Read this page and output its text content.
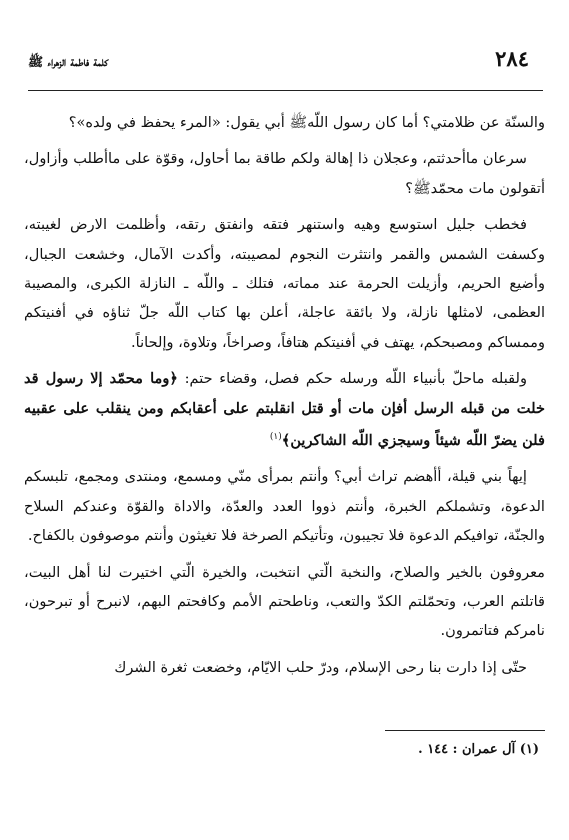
٢٨٤
كلمة فاطمة الزهراء ﷺ

والسنّة عن ظلامتي؟ أما كان رسول اللّهﷺ أبي يقول: «المرء يحفظ في ولده»؟

سرعان ماأحدثتم، وعجلان ذا إهالة ولكم طاقة بما أحاول، وقوّة على ماأطلب وأزاول، أتقولون مات محمّدﷺ؟

فخطب جليل استوسع وهيه واستنهر فتقه وانفتق رتقه، وأظلمت الارض لغيبته، وكسفت الشمس والقمر وانتثرت النجوم لمصيبته، وأكدت الآمال، وخشعت الجبال، وأضيع الحريم، وأزيلت الحرمة عند مماته، فتلك ـ واللّه ـ النازلة الكبرى، والمصيبة العظمى، لامثلها نازلة، ولا بائقة عاجلة، أعلن بها كتاب اللّه جلّ ثناؤه في أفنيتكم وممساكم ومصبحكم، يهتف في أفنيتكم هتافاً، وصراخاً، وتلاوة، وإلحاناً.

ولقبله ماحلّ بأنبياء اللّه ورسله حكم فصل، وقضاء حتم: ﴿وما محمّد إلا رسول قد خلت من قبله الرسل أفإن مات أو قتل انقلبتم على أعقابكم ومن ينقلب على عقبيه فلن يضرّ اللّه شيئاً وسيجزي اللّه الشاكرين﴾$^{(١)}$

إيهاً بني قيلة، أأهضم تراث أبي؟ وأنتم بمرأى منّي ومسمع، ومنتدى ومجمع، تلبسكم الدعوة، وتشملكم الخبرة، وأنتم ذووا العدد والعدّة، والاداة والقوّة وعندكم السلاح والجنّة، توافيكم الدعوة فلا تجيبون، وتأتيكم الصرخة فلا تغيثون وأنتم موصوفون بالكفاح.

معروفون بالخير والصلاح، والنخبة الّتي انتخبت، والخيرة الّتي اختيرت لنا أهل البيت، قاتلتم العرب، وتحمّلتم الكدّ والتعب، وناطحتم الأمم وكافحتم البهم، لانبرح أو تبرحون، نامركم فتاتمرون.

حتّى إذا دارت بنا رحى الإسلام، ودرّ حلب الايّام، وخضعت ثغرة الشرك

(١) آل عمران : ١٤٤ .
